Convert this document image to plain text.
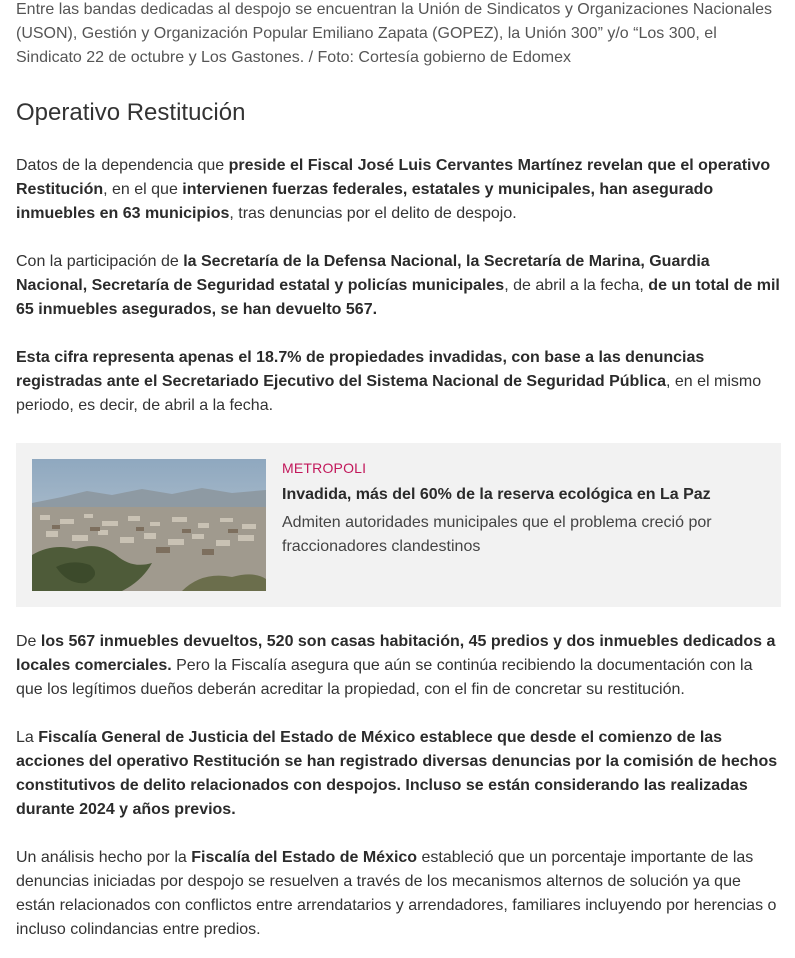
Entre las bandas dedicadas al despojo se encuentran la Unión de Sindicatos y Organizaciones Nacionales (USON), Gestión y Organización Popular Emiliano Zapata (GOPEZ), la Unión 300” y/o “Los 300, el Sindicato 22 de octubre y Los Gastones. / Foto: Cortesía gobierno de Edomex

Operativo Restitución

Datos de la dependencia que preside el Fiscal José Luis Cervantes Martínez revelan que el operativo Restitución, en el que intervienen fuerzas federales, estatales y municipales, han asegurado inmuebles en 63 municipios, tras denuncias por el delito de despojo.

Con la participación de la Secretaría de la Defensa Nacional, la Secretaría de Marina, Guardia Nacional, Secretaría de Seguridad estatal y policías municipales, de abril a la fecha, de un total de mil 65 inmuebles asegurados, se han devuelto 567.

Esta cifra representa apenas el 18.7% de propiedades invadidas, con base a las denuncias registradas ante el Secretariado Ejecutivo del Sistema Nacional de Seguridad Pública, en el mismo periodo, es decir, de abril a la fecha.

METROPOLI
Invadida, más del 60% de la reserva ecológica en La Paz
Admiten autoridades municipales que el problema creció por fraccionadores clandestinos

De los 567 inmuebles devueltos, 520 son casas habitación, 45 predios y dos inmuebles dedicados a locales comerciales. Pero la Fiscalía asegura que aún se continúa recibiendo la documentación con la que los legítimos dueños deberán acreditar la propiedad, con el fin de concretar su restitución.

La Fiscalía General de Justicia del Estado de México establece que desde el comienzo de las acciones del operativo Restitución se han registrado diversas denuncias por la comisión de hechos constitutivos de delito relacionados con despojos. Incluso se están considerando las realizadas durante 2024 y años previos.

Un análisis hecho por la Fiscalía del Estado de México estableció que un porcentaje importante de las denuncias iniciadas por despojo se resuelven a través de los mecanismos alternos de solución ya que están relacionados con conflictos entre arrendatarios y arrendadores, familiares incluyendo por herencias o incluso colindancias entre predios.
